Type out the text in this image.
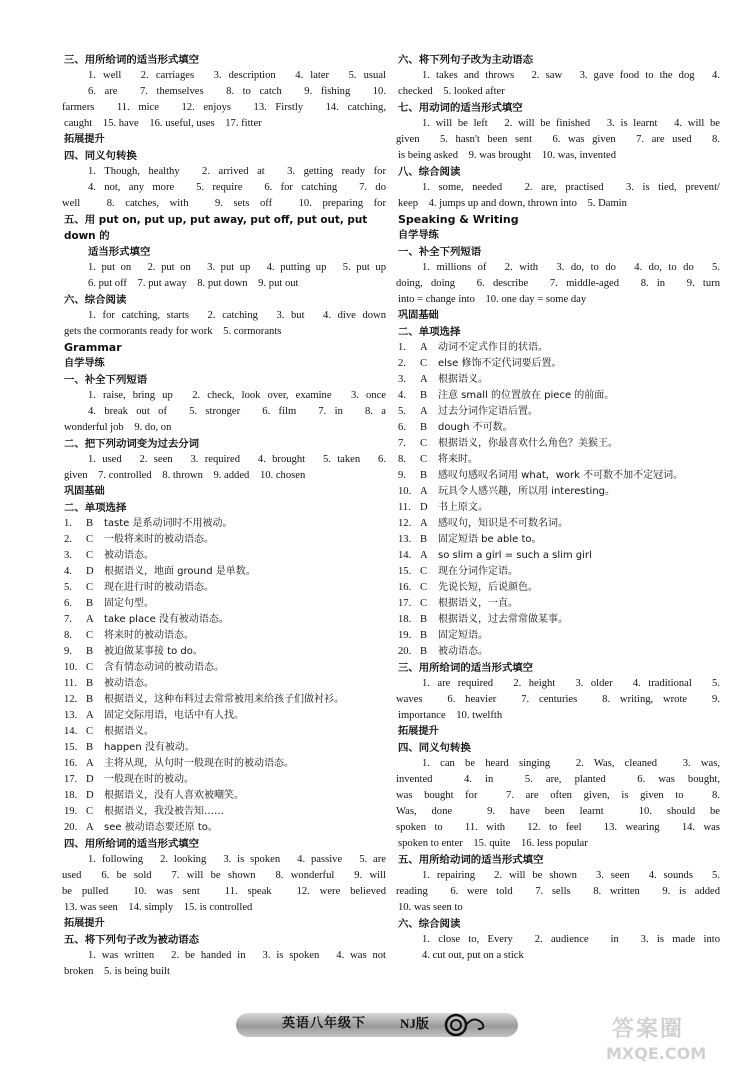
三、用所给词的适当形式填空
1. well　2. carriages　3. description　4. later　5. usual
6. are　7. themselves　8. to catch　9. fishing　10.
farmers　11. mice　12. enjoys　13. Firstly　14. catching,
caught　15. have　16. useful, uses　17. fitter
拓展提升
四、同义句转换
1. Though, healthy　2. arrived at　3. getting ready for
4. not, any more　5. require　6. for catching　7. do
well　8. catches, with　9. sets off　10. preparing for
五、用 put on, put up, put away, put off, put out, put down 的
适当形式填空
1. put on　2. put on　3. put up　4. putting up　5. put up
6. put off　7. put away　8. put down　9. put out
六、综合阅读
1. for catching, starts　2. catching　3. but　4. dive down
gets the cormorants ready for work　5. cormorants
Grammar
自学导练
一、补全下列短语
1. raise, bring up　2. check, look over, examine　3. once
4. break out of　5. stronger　6. film　7. in　8. a
wonderful job　9. do, on
二、把下列动词变为过去分词
1. used　2. seen　3. required　4. brought　5. taken　6.
given　7. controlled　8. thrown　9. added　10. chosen
巩固基础
二、单项选择
1. B taste 是系动词时不用被动。
2. C 一般将来时的被动语态。
3. C 被动语态。
4. D 根据语义，地面 ground 是单数。
5. C 现在进行时的被动语态。
6. B 固定句型。
7. A take place 没有被动语态。
8. C 将来时的被动语态。
9. B 被迫做某事接 to do。
10. C 含有情态动词的被动语态。
11. B 被动语态。
12. B 根据语义，这种布料过去常常被用来给孩子们做衬衫。
13. A 固定交际用语，电话中有人找。
14. C 根据语义。
15. B happen 没有被动。
16. A 主将从现，从句时一般现在时的被动语态。
17. D 一般现在时的被动。
18. D 根据语义，没有人喜欢被嘲笑。
19. C 根据语义，我没被告知……
20. A see 被动语态要还原 to。
四、用所给词的适当形式填空
1. following　2. looking　3. is spoken　4. passive　5. are
used　6. be sold　7. will be shown　8. wonderful　9. will
be pulled　10. was sent　11. speak　12. were believed
13. was seen　14. simply　15. is controlled
拓展提升
五、将下列句子改为被动语态
1. was written　2. be handed in　3. is spoken　4. was not
broken　5. is being built
六、将下列句子改为主动语态
1. takes and throws　2. saw　3. gave food to the dog　4.
checked　5. looked after
七、用动词的适当形式填空
1. will be left　2. will be finished　3. is learnt　4. will be
given　5. hasn't been sent　6. was given　7. are used　8.
is being asked　9. was brought　10. was, invented
八、综合阅读
1. some, needed　2. are, practised　3. is tied, prevent/
keep　4. jumps up and down, thrown into　5. Damin
Speaking & Writing
自学导练
一、补全下列短语
1. millions of　2. with　3. do, to do　4. do, to do　5.
doing, doing　6. describe　7. middle-aged　8. in　9. turn
into = change into　10. one day = some day
巩固基础
二、单项选择
1. A 动词不定式作目的状语。
2. C else 修饰不定代词要后置。
3. A 根据语义。
4. B 注意 small 的位置放在 piece 的前面。
5. A 过去分词作定语后置。
6. B dough 不可数。
7. C 根据语义，你最喜欢什么角色？美猴王。
8. C 将来时。
9. B 感叹句感叹名词用 what，work 不可数不加不定冠词。
10. A 玩具令人感兴趣，所以用 interesting。
11. D 书上原文。
12. A 感叹句，知识是不可数名词。
13. B 固定短语 be able to。
14. A so slim a girl = such a slim girl
15. C 现在分词作定语。
16. C 先说长短，后说颜色。
17. C 根据语义，一直。
18. B 根据语义，过去常常做某事。
19. B 固定短语。
20. B 被动语态。
三、用所给词的适当形式填空
1. are required　2. height　3. older　4. traditional　5.
waves　6. heavier　7. centuries　8. writing, wrote　9.
importance　10. twelfth
拓展提升
四、同义句转换
1. can be heard singing　2. Was, cleaned　3. was,
invented　4. in　5. are, planted　6. was bought,
was bought for　7. are often given, is given to　8.
Was, done　9. have been learnt　10. should be
spoken to　11. with　12. to feel　13. wearing　14. was
spoken to enter　15. quite　16. less popular
五、用所给动词的适当形式填空
1. repairing　2. will be shown　3. seen　4. sounds　5.
reading　6. were told　7. sells　8. written　9. is added
10. was seen to
六、综合阅读
1. close to, Every　2. audience　in　3. is made into
4. cut out, put on a stick
英语八年级下	NJ版	答案圈
MXQE.COM
